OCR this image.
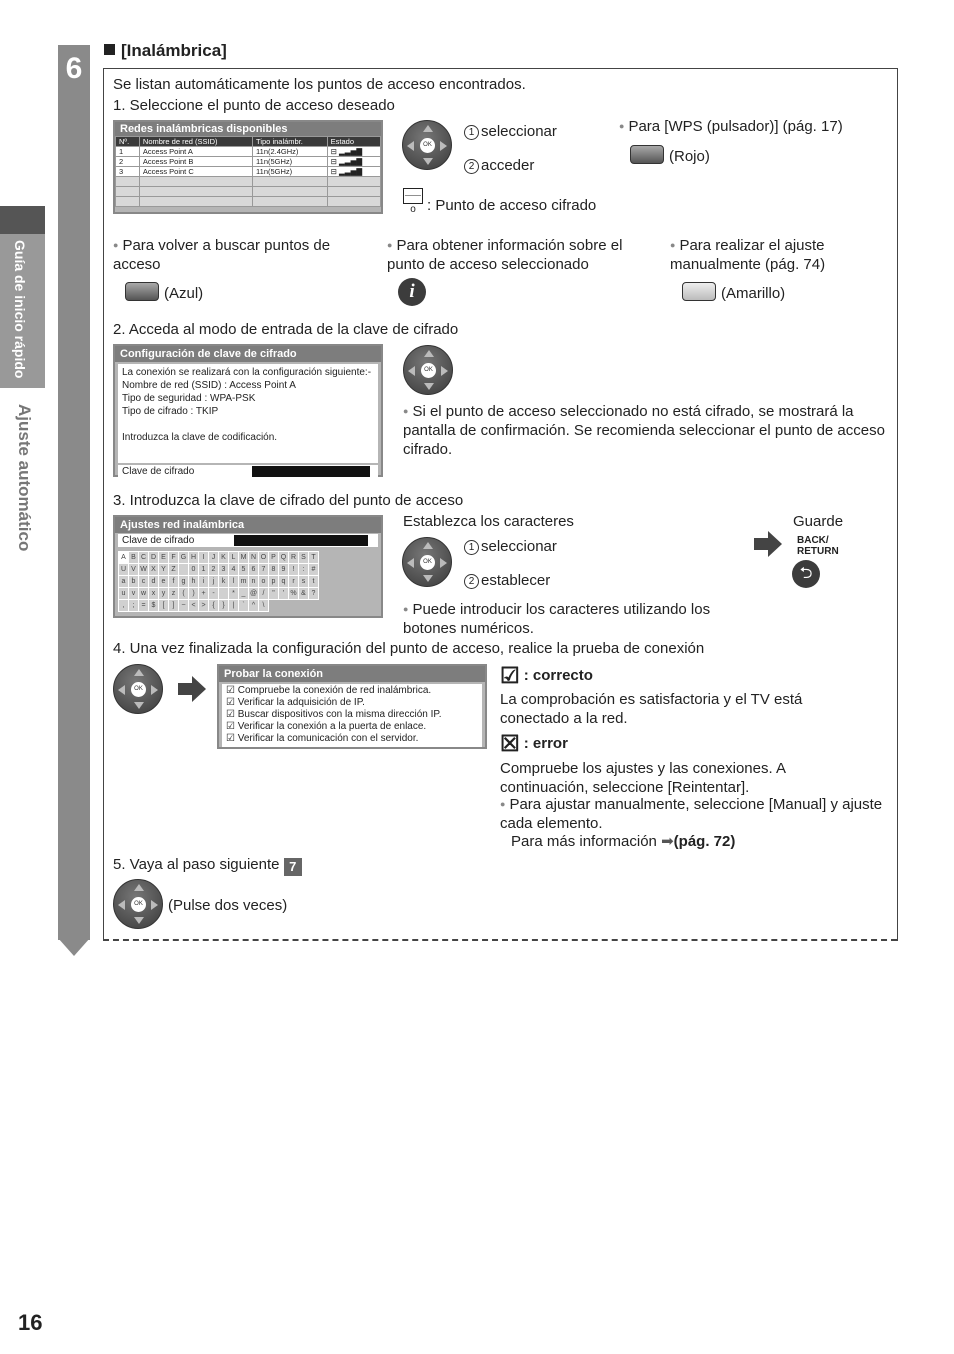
6
Guía de inicio rápido
Ajuste automático
16
[Inalámbrica]
Se listan automáticamente los puntos de acceso encontrados.
1. Seleccione el punto de acceso deseado
Redes inalámbricas disponibles
Nº.	Nombre de red (SSID)	Tipo inalámbr.	Estado
1	Access Point A	11n(2.4GHz)	⊟ ▂▃▅▇
2	Access Point B	11n(5GHz)	⊟ ▂▃▅▇
3	Access Point C	11n(5GHz)	⊟ ▂▃▅▇

OK
1 seleccionar
2 acceder
⸺o : Punto de acceso cifrado
● Para [WPS (pulsador)] (pág. 17)
(Rojo)
● Para volver a buscar puntos de acceso
(Azul)
● Para obtener información sobre el punto de acceso seleccionado
i
● Para realizar el ajuste manualmente (pág. 74)
(Amarillo)
2. Acceda al modo de entrada de la clave de cifrado
Configuración de clave de cifrado
La conexión se realizará con la configuración siguiente:-
Nombre de red (SSID) : Access Point A
Tipo de seguridad : WPA-PSK
Tipo de cifrado : TKIP
Introduzca la clave de codificación.
Clave de cifrado
OK
● Si el punto de acceso seleccionado no está cifrado, se mostrará la pantalla de confirmación. Se recomienda seleccionar el punto de acceso cifrado.
3. Introduzca la clave de cifrado del punto de acceso
Ajustes red inalámbrica
Clave de cifrado
A	B	C	D	E	F	G	H	I	J	K	L	M	N	O	P	Q	R	S	T
U	V	W	X	Y	Z		0	1	2	3	4	5	6	7	8	9	!	:	#
a	b	c	d	e	f	g	h	i	j	k	l	m	n	o	p	q	r	s	t
u	v	w	x	y	z	(	)	+	-		*	_	@	/	"	'	%	&	?
,	;	=	$	[	]	~	<	>	{	}	|	`	^	\					
Establezca los caracteres
OK
1 seleccionar
2 establecer
● Puede introducir los caracteres utilizando los botones numéricos.
Guarde
BACK/ RETURN
⮌
4. Una vez finalizada la configuración del punto de acceso, realice la prueba de conexión
OK
Probar la conexión
☑ Compruebe la conexión de red inalámbrica.
☑ Verificar la adquisición de IP.
☑ Buscar dispositivos con la misma dirección IP.
☑ Verificar la conexión a la puerta de enlace.
☑ Verificar la comunicación con el servidor.
☑ : correcto
La comprobación es satisfactoria y el TV está conectado a la red.
☒ : error
Compruebe los ajustes y las conexiones. A continuación, seleccione [Reintentar].
● Para ajustar manualmente, seleccione [Manual] y ajuste cada elemento.
Para más información ➡(pág. 72)
5. Vaya al paso siguiente 7
OK (Pulse dos veces)
